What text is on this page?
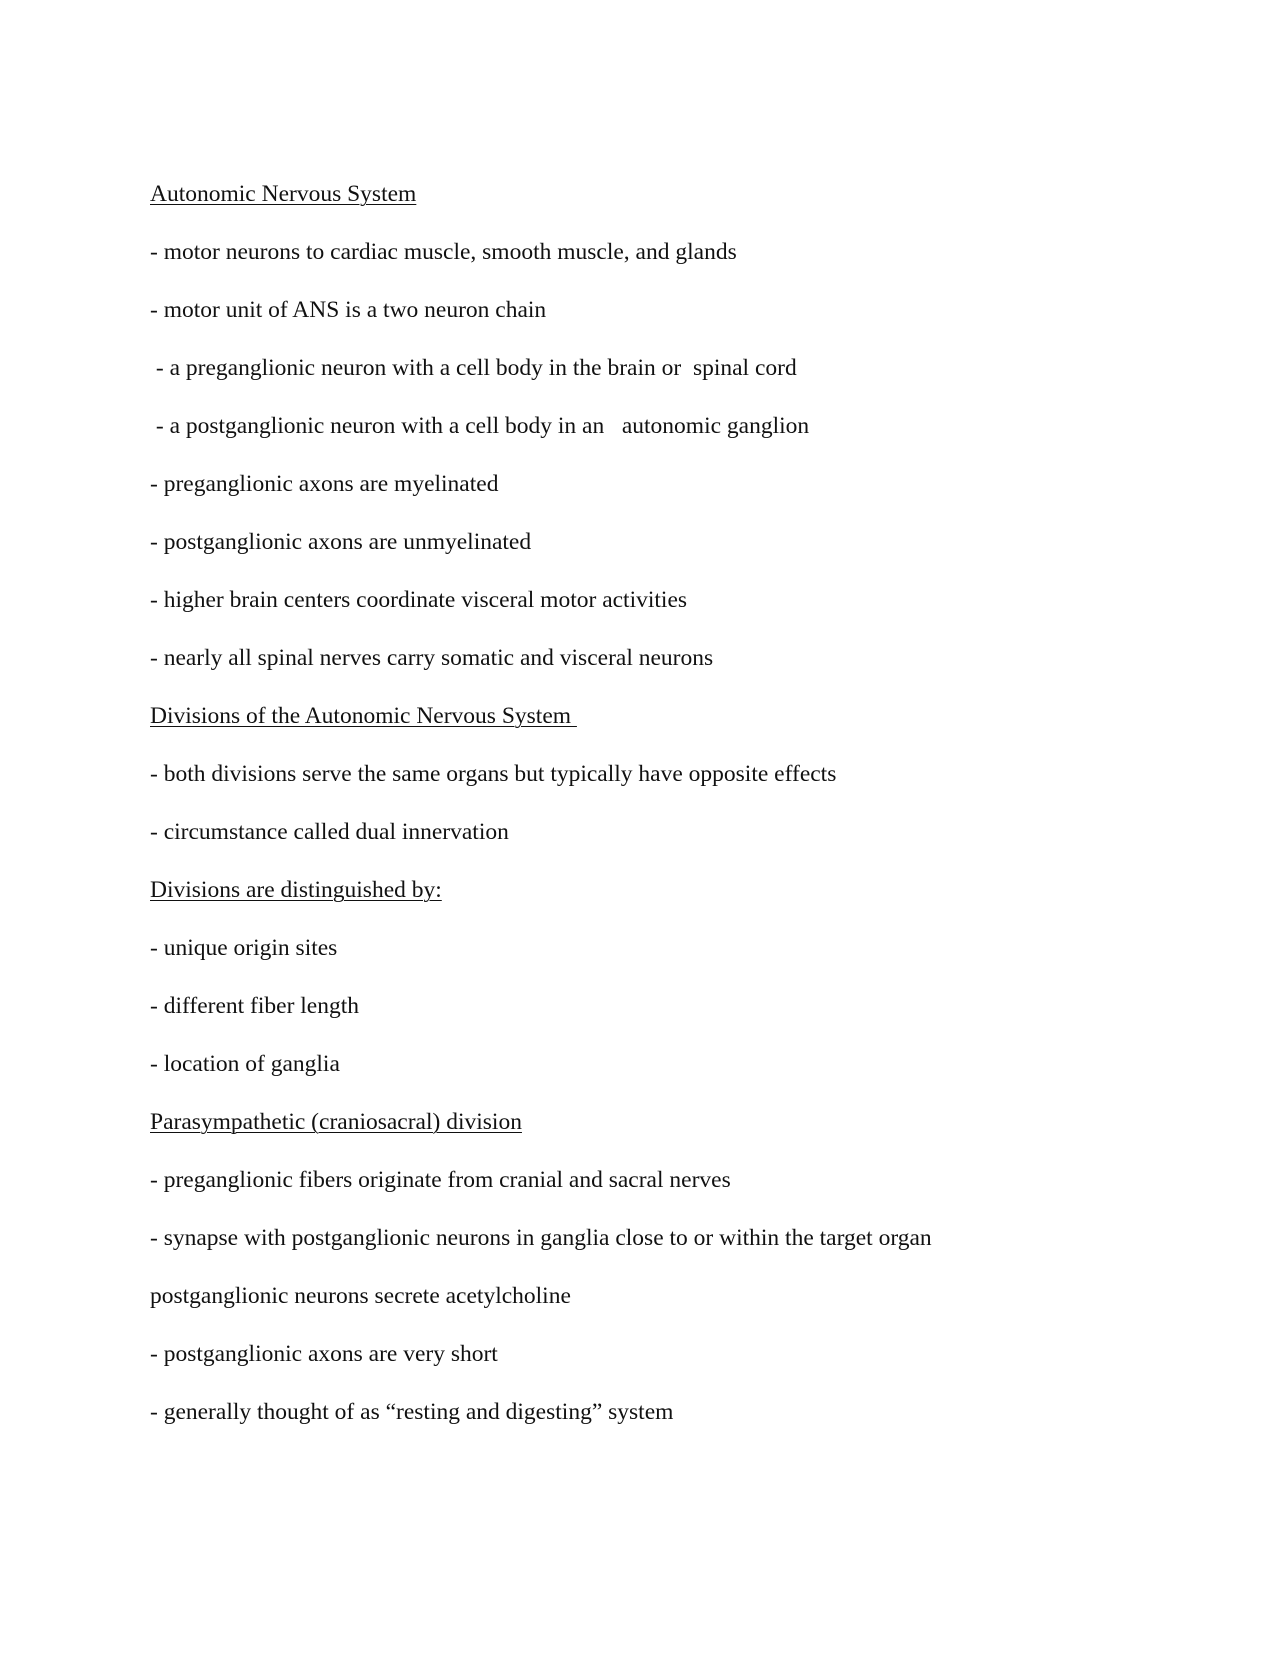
Autonomic Nervous System
- motor neurons to cardiac muscle, smooth muscle, and glands
- motor unit of ANS is a two neuron chain
- a preganglionic neuron with a cell body in the brain or  spinal cord
- a postganglionic neuron with a cell body in an   autonomic ganglion
- preganglionic axons are myelinated
- postganglionic axons are unmyelinated
- higher brain centers coordinate visceral motor activities
- nearly all spinal nerves carry somatic and visceral neurons
Divisions of the Autonomic Nervous System
- both divisions serve the same organs but typically have opposite effects
- circumstance called dual innervation
Divisions are distinguished by:
- unique origin sites
- different fiber length
- location of ganglia
Parasympathetic (craniosacral) division
- preganglionic fibers originate from cranial and sacral nerves
- synapse with postganglionic neurons in ganglia close to or within the target organ
postganglionic neurons secrete acetylcholine
- postganglionic axons are very short
- generally thought of as “resting and digesting” system
